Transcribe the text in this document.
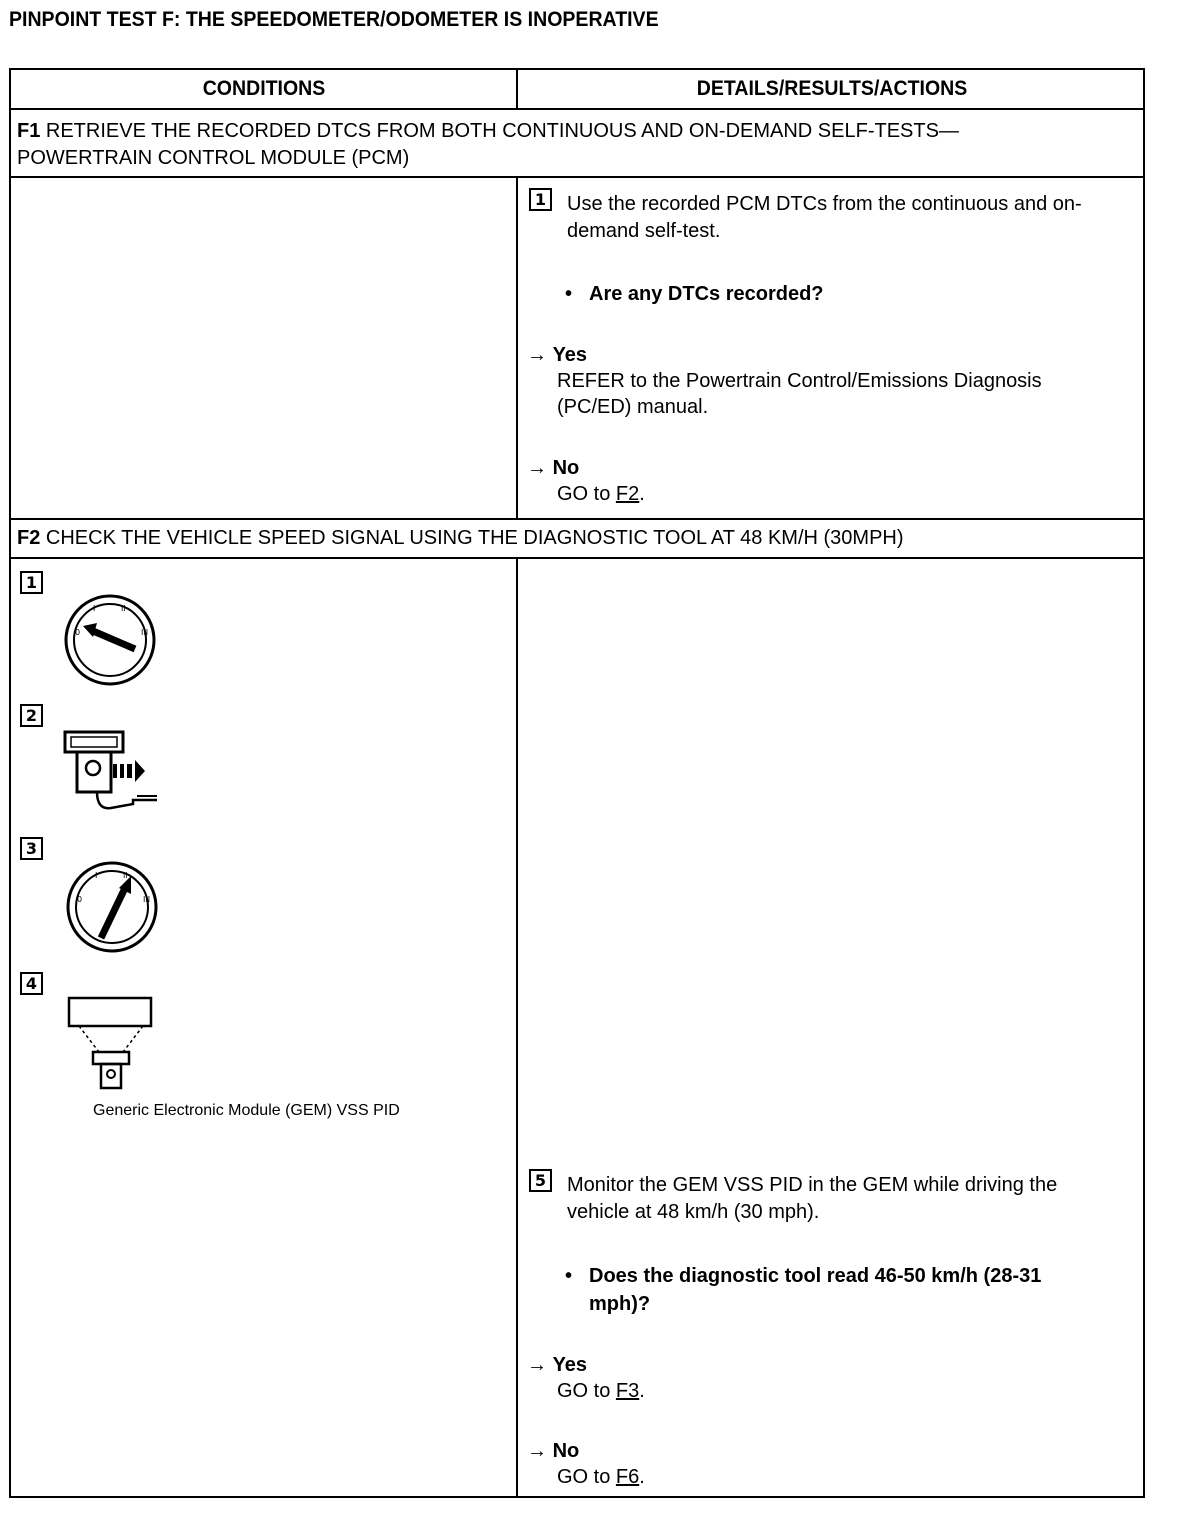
PINPOINT TEST F: THE SPEEDOMETER/ODOMETER IS INOPERATIVE
CONDITIONS	DETAILS/RESULTS/ACTIONS
F1 RETRIEVE THE RECORDED DTCS FROM BOTH CONTINUOUS AND ON-DEMAND SELF-TESTS—
POWERTRAIN CONTROL MODULE (PCM)
1 Use the recorded PCM DTCs from the continuous and on-
demand self-test.
• Are any DTCs recorded?
→ Yes
REFER to the Powertrain Control/Emissions Diagnosis
(PC/ED) manual.
→ No
GO to F2.
F2 CHECK THE VEHICLE SPEED SIGNAL USING THE DIAGNOSTIC TOOL AT 48 KM/H (30MPH)
1
0
I	II
III
2
3
0
I	II
III
4
Generic Electronic Module (GEM) VSS PID
5 Monitor the GEM VSS PID in the GEM while driving the
vehicle at 48 km/h (30 mph).
• Does the diagnostic tool read 46-50 km/h (28-31
mph)?
→ Yes
GO to F3.
→ No
GO to F6.
